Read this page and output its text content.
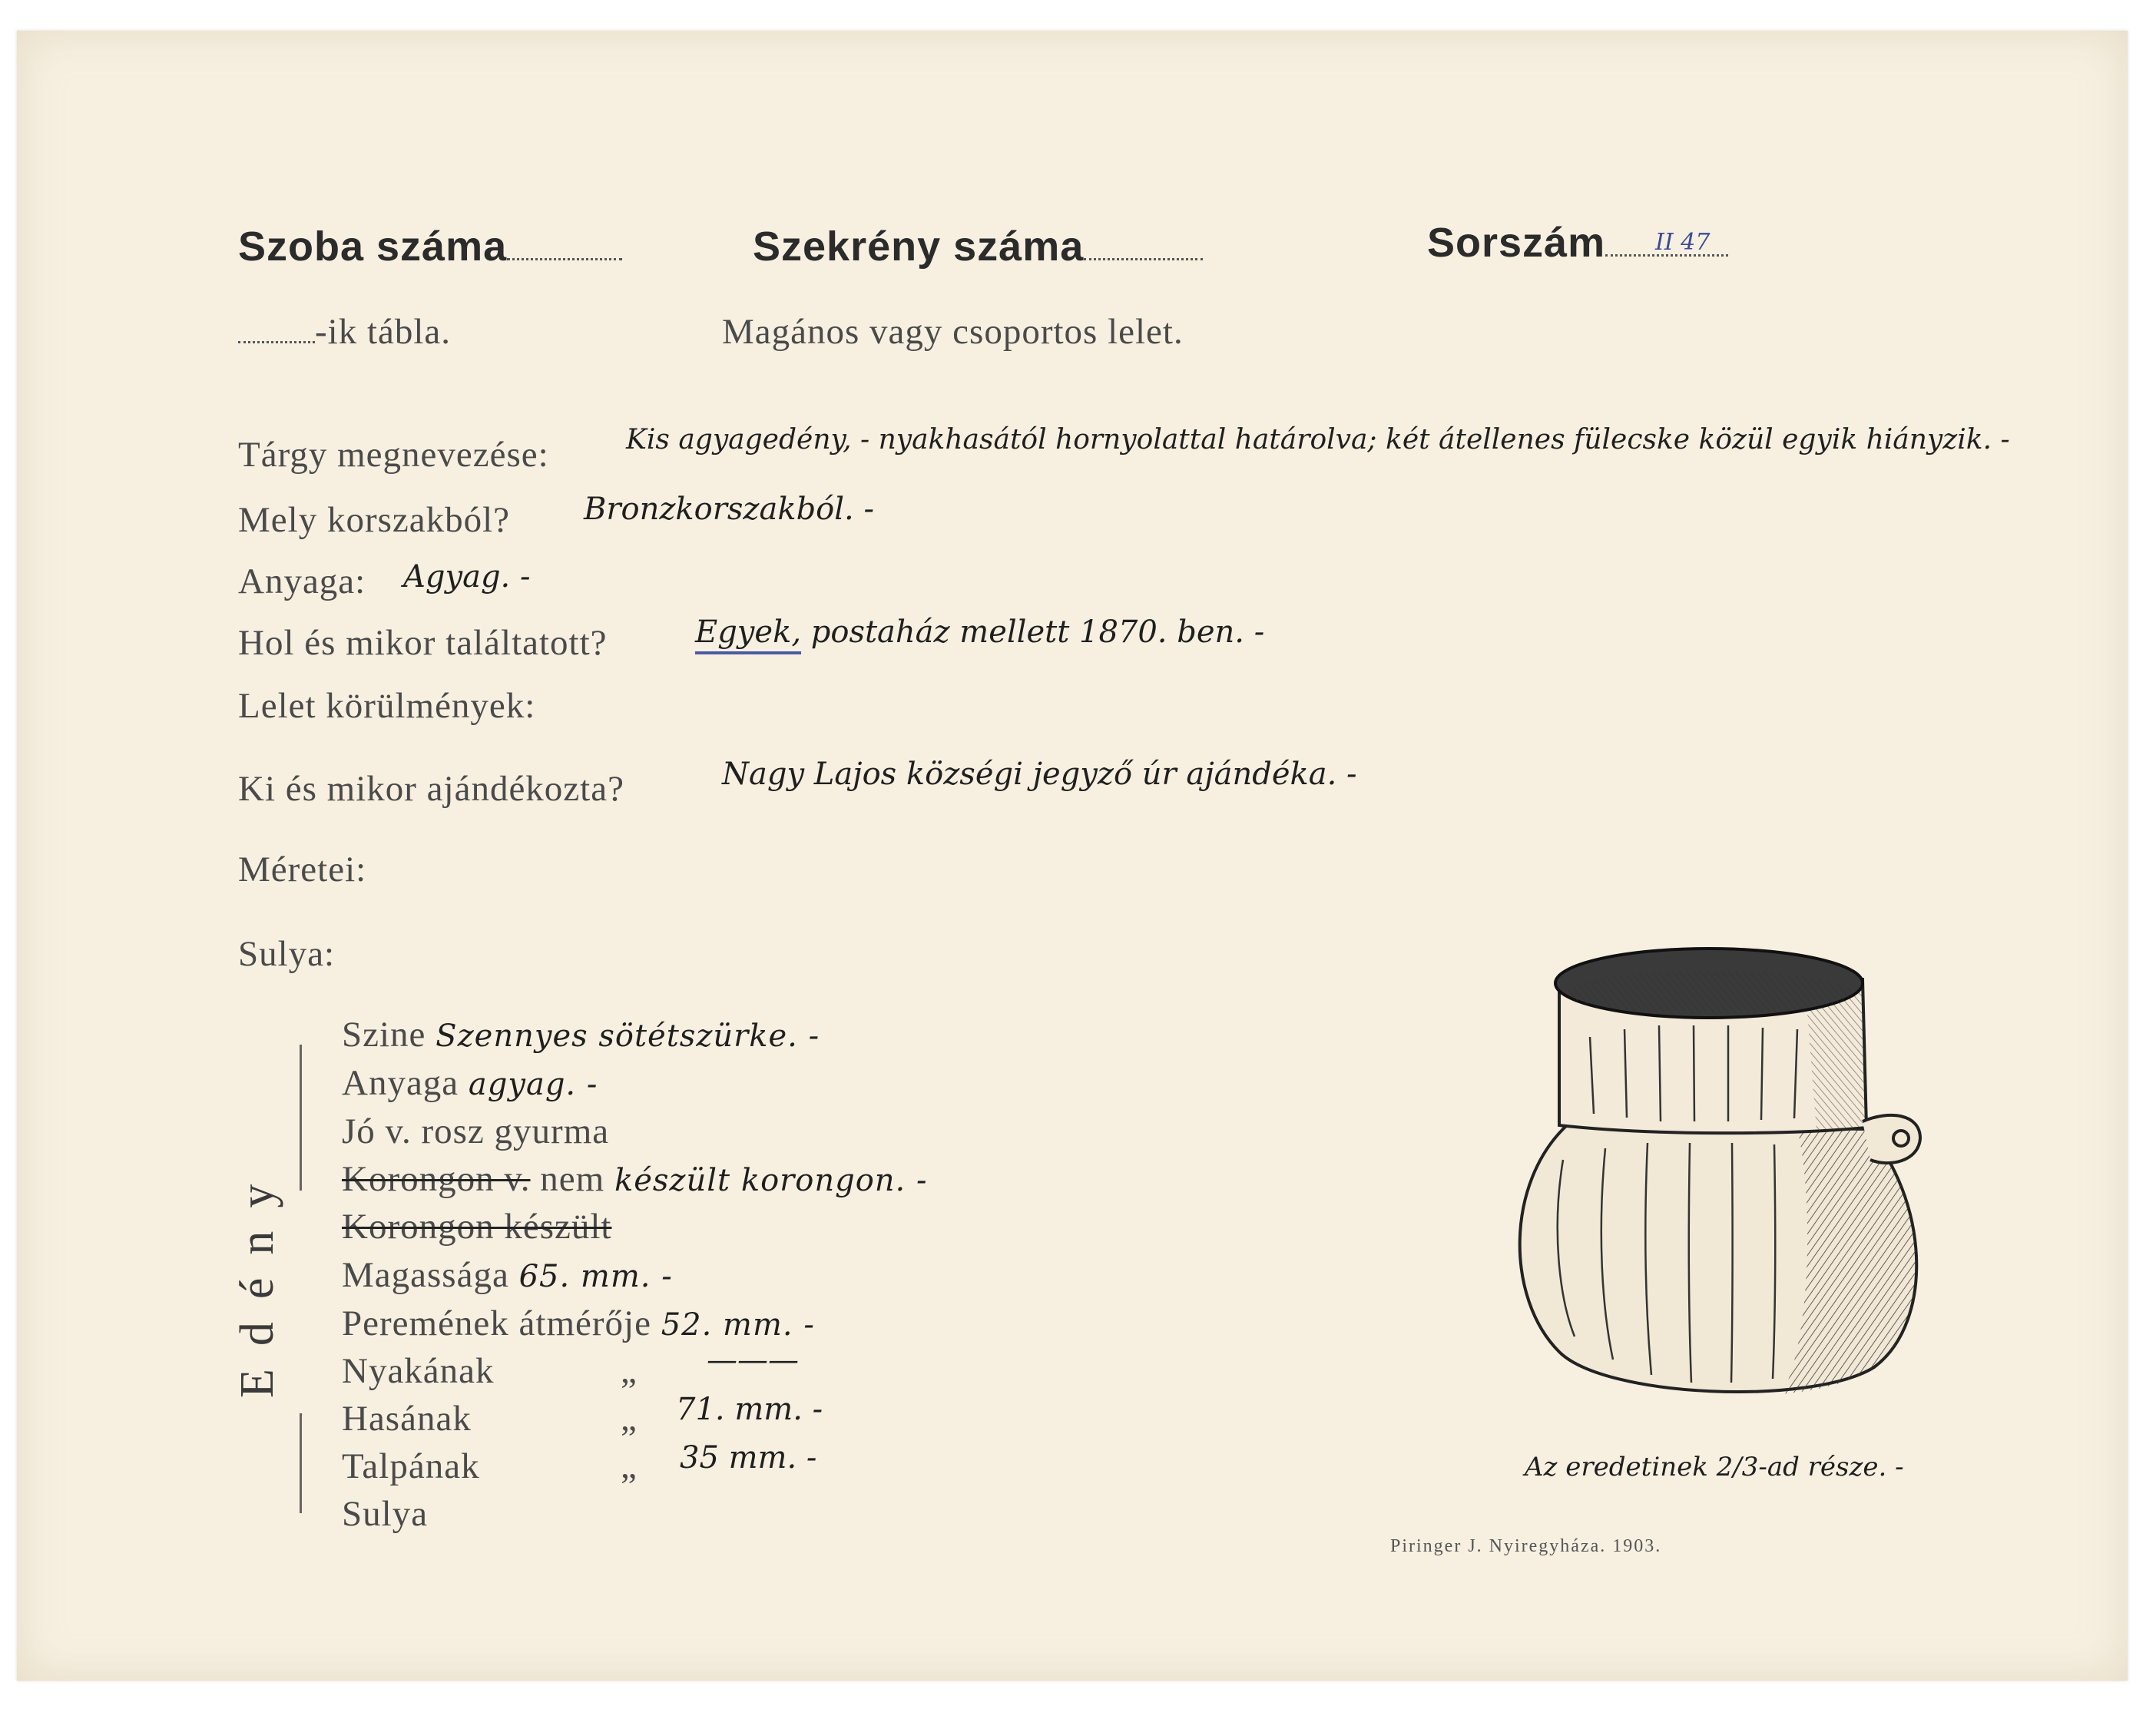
Szoba száma	Szekrény száma	Sorszám	II 47
-ik tábla.	Magános vagy csoportos lelet.
Tárgy megnevezése:	Kis agyagedény, - nyakhasától hornyolattal határolva; két átellenes fülecske közül egyik hiányzik. -
Mely korszakból? Bronzkorszakból. -
Anyaga: Agyag. -
Hol és mikor találtatott?	Egyek, postaház mellett 1870. ben. -
Lelet körülmények:
Ki és mikor ajándékozta?	Nagy Lajos községi jegyző úr ajándéka. -
Méretei:
Sulya:
Edény
Szine Szennyes sötétszürke. -
Anyaga agyag. -
Jó v. rosz gyurma
Korongon v. nem készült korongon. -
Korongon készült
Magassága 65. mm. -
Peremének átmérője 52. mm. -
Nyakának	„ ———
Hasának	„ 71. mm. -
Talpának	„ 35 mm. -
Sulya
Az eredetinek 2/3-ad része. -
Piringer J. Nyiregyháza. 1903.
